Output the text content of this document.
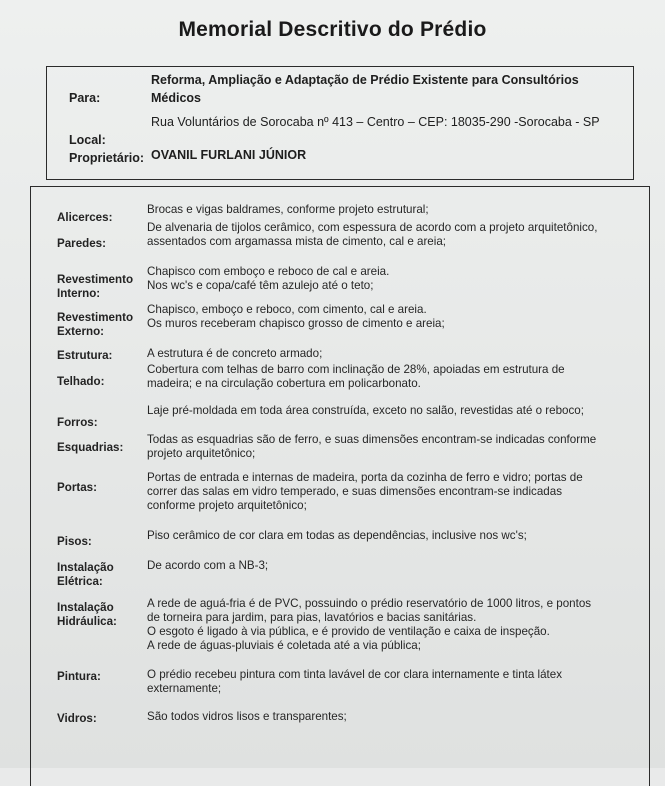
Memorial Descritivo do Prédio
Para:
Reforma, Ampliação e Adaptação de Prédio Existente para Consultórios
Médicos
Local:
Rua Voluntários de Sorocaba nº 413 – Centro – CEP: 18035-290 -Sorocaba - SP
Proprietário: OVANIL FURLANI JÚNIOR
Alicerces:
Brocas e vigas baldrames, conforme projeto estrutural;
Paredes:
De alvenaria de tijolos cerâmico, com espessura de acordo com a projeto arquitetônico,
assentados com argamassa mista de cimento, cal e areia;
Revestimento
Interno:
Chapisco com emboço e reboco de cal e areia.
Nos wc's e copa/café têm azulejo até o teto;
Revestimento
Externo:
Chapisco, emboço e reboco, com cimento, cal e areia.
Os muros receberam chapisco grosso de cimento e areia;
Estrutura:	A estrutura é de concreto armado;
Telhado:
Cobertura com telhas de barro com inclinação de 28%, apoiadas em estrutura de
madeira; e na circulação cobertura em policarbonato.
Forros:
Laje pré-moldada em toda área construída, exceto no salão, revestidas até o reboco;
Esquadrias:
Todas as esquadrias são de ferro, e suas dimensões encontram-se indicadas conforme
projeto arquitetônico;
Portas:
Portas de entrada e internas de madeira, porta da cozinha de ferro e vidro; portas de
correr das salas em vidro temperado, e suas dimensões encontram-se indicadas
conforme projeto arquitetônico;
Pisos:	Piso cerâmico de cor clara em todas as dependências, inclusive nos wc's;
Instalação
Elétrica:
De acordo com a NB-3;
Instalação
Hidráulica:
A rede de aguá-fria é de PVC, possuindo o prédio reservatório de 1000 litros, e pontos
de torneira para jardim, para pias, lavatórios e bacias sanitárias.
O esgoto é ligado à via pública, e é provido de ventilação e caixa de inspeção.
A rede de águas-pluviais é coletada até a via pública;
Pintura:	O prédio recebeu pintura com tinta lavável de cor clara internamente e tinta látex
externamente;
Vidros:	São todos vidros lisos e transparentes;
